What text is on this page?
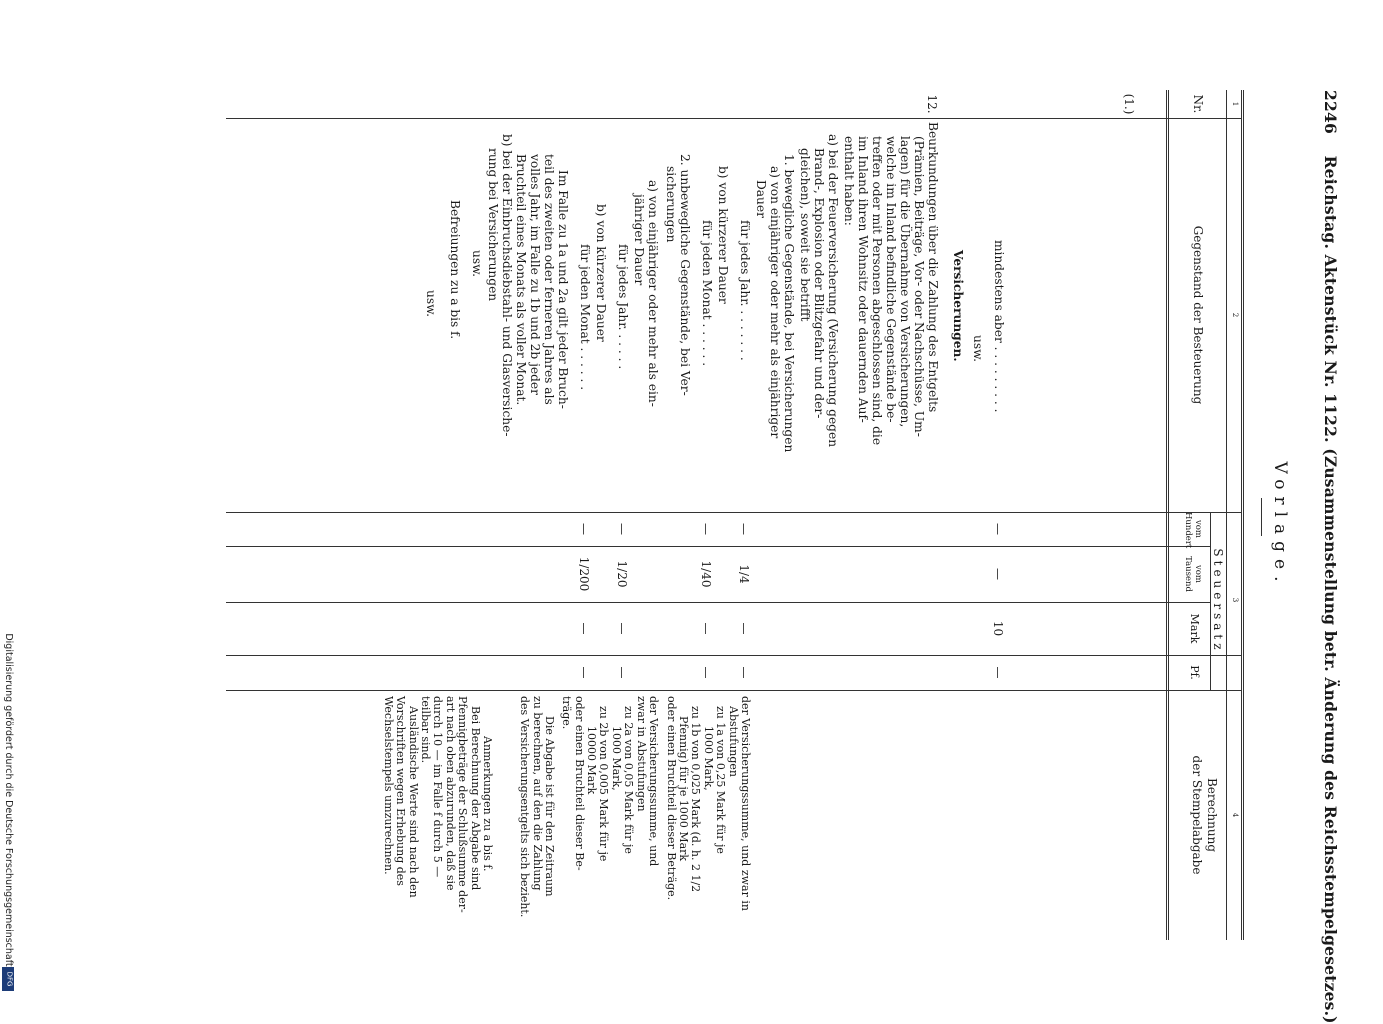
Digitalisierung gefördert durch die Deutsche Forschungsgemeinschaft
DFG
2246 Reichstag. Aktenstück Nr. 1122. (Zusammenstellung betr. Änderung des Reichsstempelgesetzes.)
Vorlage.
1
2
3
4
Nr.
Gegenstand der Besteuerung
Steuersatz
vom Hundert
vom Tausend
Mark
Pf.
Berechnung
der Stempelabgabe
(1.)
mindestens aber . . . . . . . . .
usw.
—
—
10
—
Versicherungen.
12.
Beurkundungen über die Zahlung des Entgelts
(Prämien, Beiträge, Vor- oder Nachschüsse, Um-
lagen) für die Übernahme von Versicherungen,
welche im Inland befindliche Gegenstände be-
treffen oder mit Personen abgeschlossen sind, die
im Inland ihren Wohnsitz oder dauernden Auf-
enthalt haben:
a) bei der Feuerversicherung (Versicherung gegen
Brand-, Explosion oder Blitzgefahr und der-
gleichen), soweit sie betrifft
1. bewegliche Gegenstände, bei Versicherungen
a) von einjähriger oder mehr als einjähriger
Dauer
für jedes Jahr. . . . . . . .
b) von kürzerer Dauer
für jeden Monat . . . . . .
2. unbewegliche Gegenstände, bei Ver-
sicherungen
a) von einjähriger oder mehr als ein-
jähriger Dauer
für jedes Jahr. . . . . .
b) von kürzerer Dauer
für jeden Monat . . . . . .
Im Falle zu 1a und 2a gilt jeder Bruch-
teil des zweiten oder ferneren Jahres als
volles Jahr, im Falle zu 1b und 2b jeder
Bruchteil eines Monats als voller Monat.
b) bei der Einbruchsdiebstahl- und Glasversiche-
rung bei Versicherungen
usw.
Befreiungen zu a bis f.
usw.
—
1/4
—
—
—
1/40
—
—
—
1/20
—
—
—
1/200
—
—
der Versicherungssumme, und zwar in
Abstufungen
zu 1a von 0,25 Mark für je
1000 Mark,
zu 1b von 0,025 Mark (d. h. 2 1/2
Pfennig) für je 1000 Mark
oder einen Bruchteil dieser Beträge.
der Versicherungssumme, und
zwar in Abstufungen
zu 2a von 0,05 Mark für je
1000 Mark,
zu 2b von 0,005 Mark für je
10000 Mark
oder einen Bruchteil dieser Be-
träge.
Die Abgabe ist für den Zeitraum
zu berechnen, auf den die Zahlung
des Versicherungsentgelts sich bezieht.
Anmerkungen zu a bis f.
Bei Berechnung der Abgabe sind
Pfennigbeträge der Schlußsumme der-
art nach oben abzurunden, daß sie
durch 10 — im Falle f durch 5 —
teilbar sind.
Ausländische Werte sind nach den
Vorschriften wegen Erhebung des
Wechselstempels umzurechnen.
